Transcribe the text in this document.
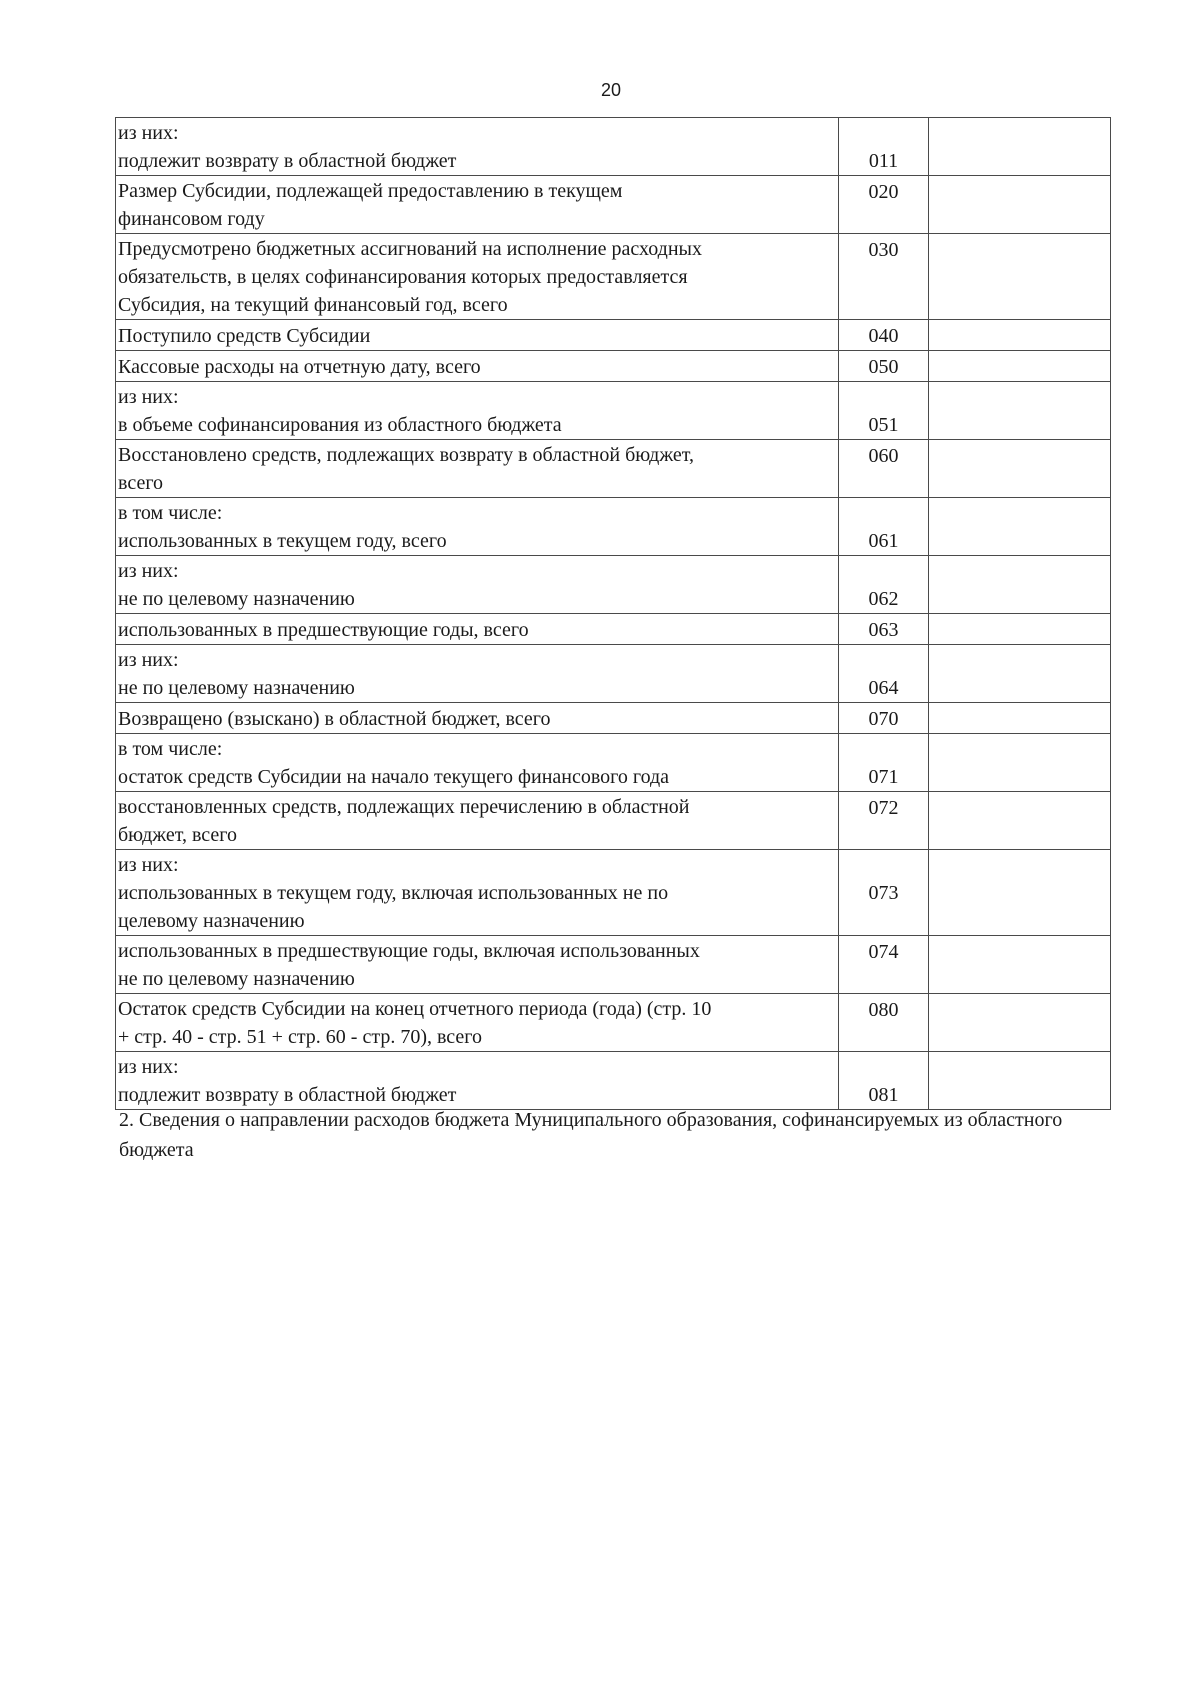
20
из них:
подлежит возврату в областной бюджет	011	

Размер Субсидии, подлежащей предоставлению в текущем
финансовом году	020	

Предусмотрено бюджетных ассигнований на исполнение расходных
обязательств, в целях софинансирования которых предоставляется
Субсидия, на текущий финансовый год, всего	030	

Поступило средств Субсидии	040	

Кассовые расходы на отчетную дату, всего	050	

из них:
в объеме софинансирования из областного бюджета	051	

Восстановлено средств, подлежащих возврату в областной бюджет,
всего	060	

в том числе:
использованных в текущем году, всего	061	

из них:
не по целевому назначению	062	

использованных в предшествующие годы, всего	063	

из них:
не по целевому назначению	064	

Возвращено (взыскано) в областной бюджет, всего	070	

в том числе:
остаток средств Субсидии на начало текущего финансового года	071	

восстановленных средств, подлежащих перечислению в областной
бюджет, всего	072	

из них:
использованных в текущем году, включая использованных не по
целевому назначению	073	

использованных в предшествующие годы, включая использованных
не по целевому назначению	074	

Остаток средств Субсидии на конец отчетного периода (года) (стр. 10
+ стр. 40 - стр. 51 + стр. 60 - стр. 70), всего	080	

из них:
подлежит возврату в областной бюджет	081	
2. Сведения о направлении расходов бюджета Муниципального образования, софинансируемых из областного бюджета
